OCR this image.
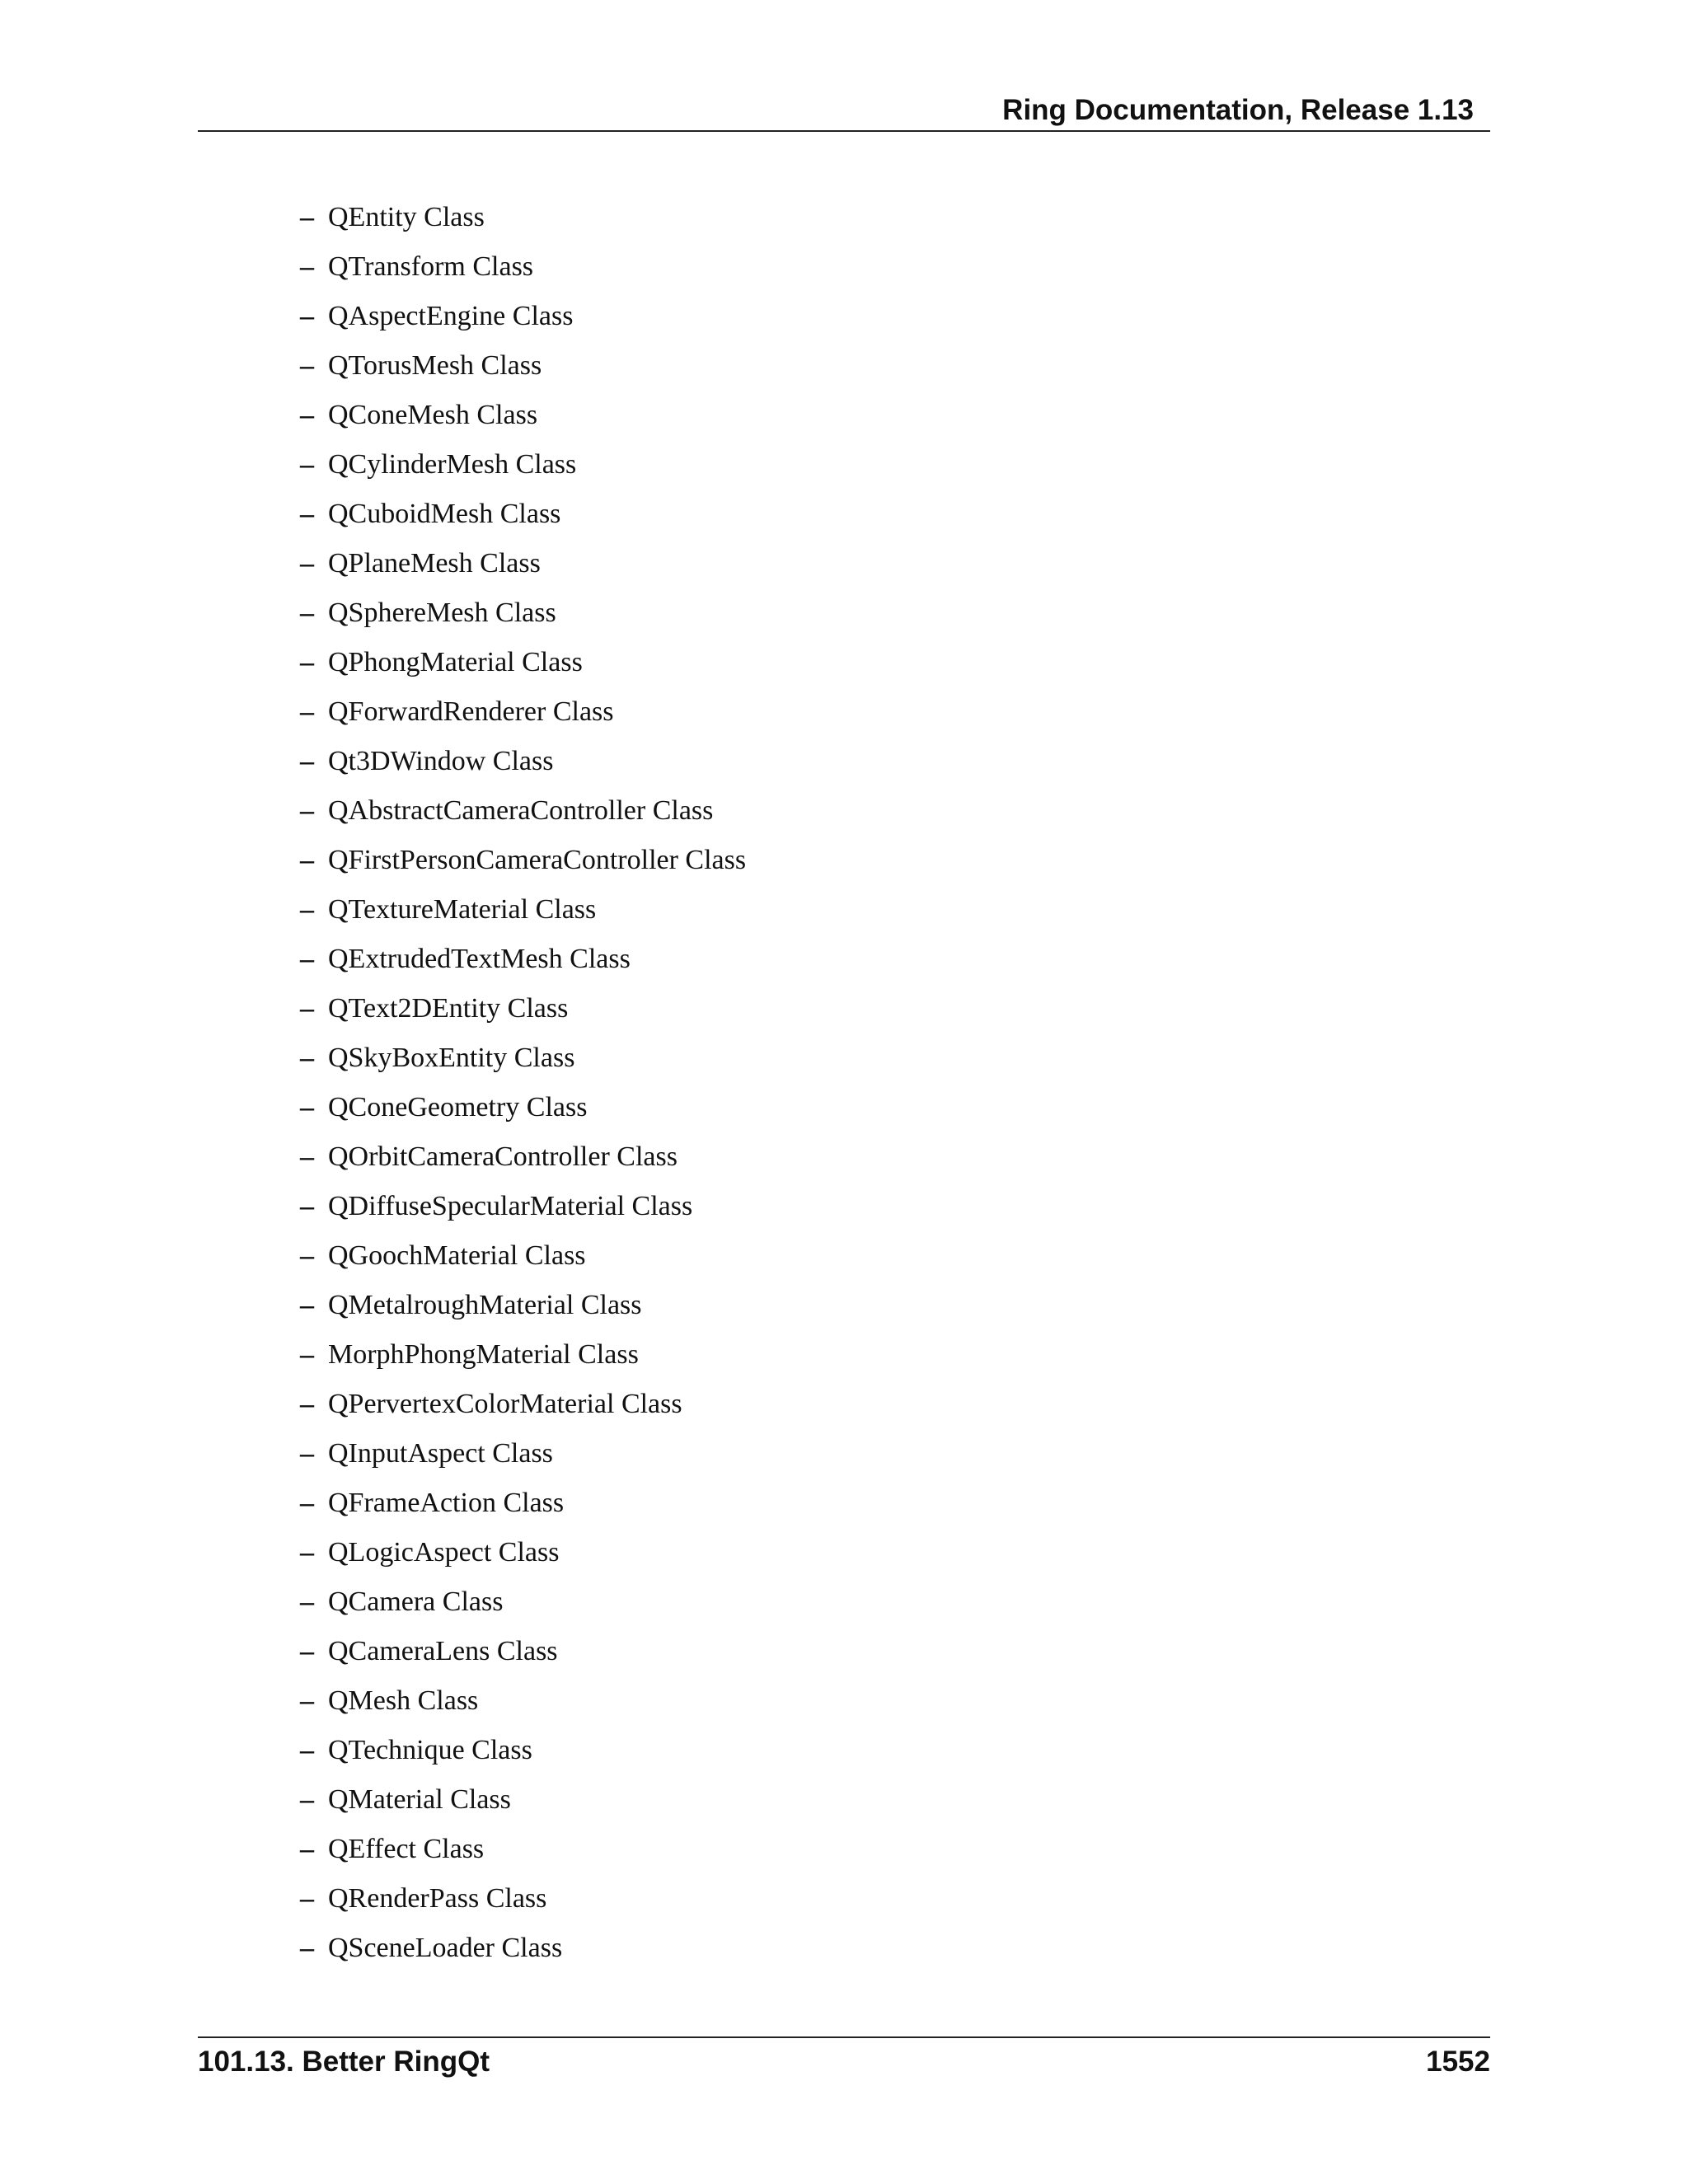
Ring Documentation, Release 1.13
– QEntity Class
– QTransform Class
– QAspectEngine Class
– QTorusMesh Class
– QConeMesh Class
– QCylinderMesh Class
– QCuboidMesh Class
– QPlaneMesh Class
– QSphereMesh Class
– QPhongMaterial Class
– QForwardRenderer Class
– Qt3DWindow Class
– QAbstractCameraController Class
– QFirstPersonCameraController Class
– QTextureMaterial Class
– QExtrudedTextMesh Class
– QText2DEntity Class
– QSkyBoxEntity Class
– QConeGeometry Class
– QOrbitCameraController Class
– QDiffuseSpecularMaterial Class
– QGoochMaterial Class
– QMetalroughMaterial Class
– MorphPhongMaterial Class
– QPervertexColorMaterial Class
– QInputAspect Class
– QFrameAction Class
– QLogicAspect Class
– QCamera Class
– QCameraLens Class
– QMesh Class
– QTechnique Class
– QMaterial Class
– QEffect Class
– QRenderPass Class
– QSceneLoader Class
101.13. Better RingQt	1552
